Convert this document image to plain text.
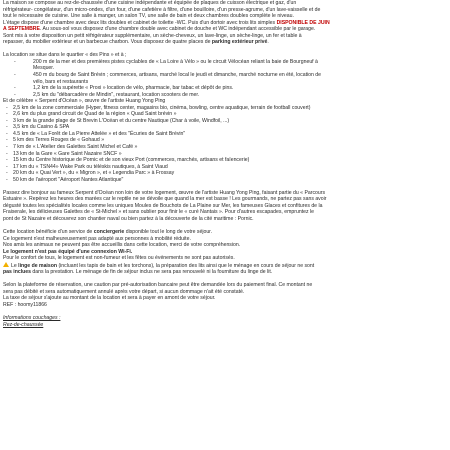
La maison se compose au rez-de-chaussée d'une cuisine indépendante et équipée de plaques de cuisson électrique et gaz, d'un

réfrigérateur- congélateur, d'un micro-ondes, d'un four, d'une cafetière à filtre, d'une bouilloire, d'un presse-agrume, d'un lave-vaisselle et de

tout le nécessaire de cuisine. Une salle à manger, un salon TV, une salle de bain et deux chambres doubles complète le niveau.

L'étage dispose d'une chambre avec deux lits doubles et cabinet de toilette -WC. Puis d'un dortoir avec trois lits simples DISPONIBLE DE JUIN

A SEPTEMBRE. Au sous-sol vous disposez d'une chambre double avec cabinet de douche et WC indépendant accessible par le garage.

Sont mis à votre disposition un petit réfrigérateur supplémentaire, un sèche-cheveux, un lave-linge, un sèche-linge, un fer et table à

repasser, du mobilier extérieur et un barbecue charbon. Vous disposez de quatre places de parking extérieur privé.

La location se situe dans le quartier « des Pins » et à ;

- 200 m de la mer et des premières pistes cyclables de « La Loire à Vélo » ou le circuit Vélocéan reliant la baie de Bourgneuf à
Mesquer.
- 450 m du bourg de Saint Brévin ; commerces, artisans, marché local le jeudi et dimanche, marché nocturne en été, location de
vélo, bars et restaurants
- 1,2 km de la supérette « Proxi » location de vélo, pharmacie, bar tabac et dépôt de pins.
- 2,5 km du "débarcadère de Mindin", restaurant, location scooters de mer.

Et de célèbre « Serpent d'Océan », œuvre de l'artiste Huang Yong Ping

- 2,5 km de la zone commerciale (Hyper, fitness center, magasins bio, cinéma, bowling, centre aquatique, terrain de football couvert)
- 2,6 km du plus grand circuit de Quad de la région « Quad Saint brévin »
- 3 km de la grande plage de St Brevin L'Océan et du centre Nautique (Char à voile, Windfoil, ...)
- 3,5 km du Casino & SPA
- 4.5 km de « La Forêt de La Pierre Attelée » et des "Écuries de Saint Brévin"
- 5 km des Terres Rouges de « Gohaud »
- 7 km de « L'Atelier des Galettes Saint Michel et Café »
- 13 km de la Gare « Gare Saint Nazaire SNCF »
- 15 km du Centre historique de Pornic et de son vieux Port (commerces, marchés, artisans et faïencerie)
- 17 km du « TSN44» Wake Park ou téléskis nautiques, à Saint Viaud
- 20 km du « Quai Vert », du « Migron », et « Legendia Parc » à Frossay
- 50 km de l'aéroport "Aéroport Nantes Atlantique"

Passez dire bonjour au fameux Serpent d'Océan non loin de votre logement, œuvre de l'artiste Huang Yong Ping, faisant partie du « Parcours

Estuaire ». Repérez les heures des marées car le reptile ne se dévoile que quand la mer est basse ! Les gourmands, ne partez pas sans avoir

dégusté toutes les spécialités locales comme les uniques Moules de Bouchots de La Plaine sur Mer, les fameuses Glaces et confitures de la

Fraiserale, les délicieuses Galettes de « St-Michel » et sans oublier pour finir le « curé Nantais ». Pour d'autres escapades, empruntez le

pont de St Nazaire et découvrez son chantier naval ou bien partez à la découverte de la cité maritime : Pornic.

Cette location bénéficie d'un service de conciergerie disponible tout le long de votre séjour.

Ce logement n'est malheureusement pas adapté aux personnes à mobilité réduite.

Nos amis les animaux ne peuvent pas être accueillis dans cette location, merci de votre compréhension.

Le logement n'est pas équipé d'une connexion Wi-Fi.

Pour le confort de tous, le logement est non-fumeur et les fêtes ou événements ne sont pas autorisés.

Le linge de maison (incluant les tapis de bain et les torchons), la préparation des lits ainsi que le ménage en cours de séjour ne sont

pas inclues dans la prestation. Le ménage de fin de séjour inclus ne sera pas renouvelé ni la fourniture du linge de lit.

Selon la plateforme de réservation, une caution par pré-autorisation bancaire peut être demandée lors du paiement final. Ce montant ne

sera pas débité et sera automatiquement annulé après votre départ, si aucun dommage n'ait été constaté.

La taxe de séjour s'ajoute au montant de la location et sera à payer en amont de votre séjour.

REF : hoomy11866

Informations couchages :

Rez-de-chaussée
